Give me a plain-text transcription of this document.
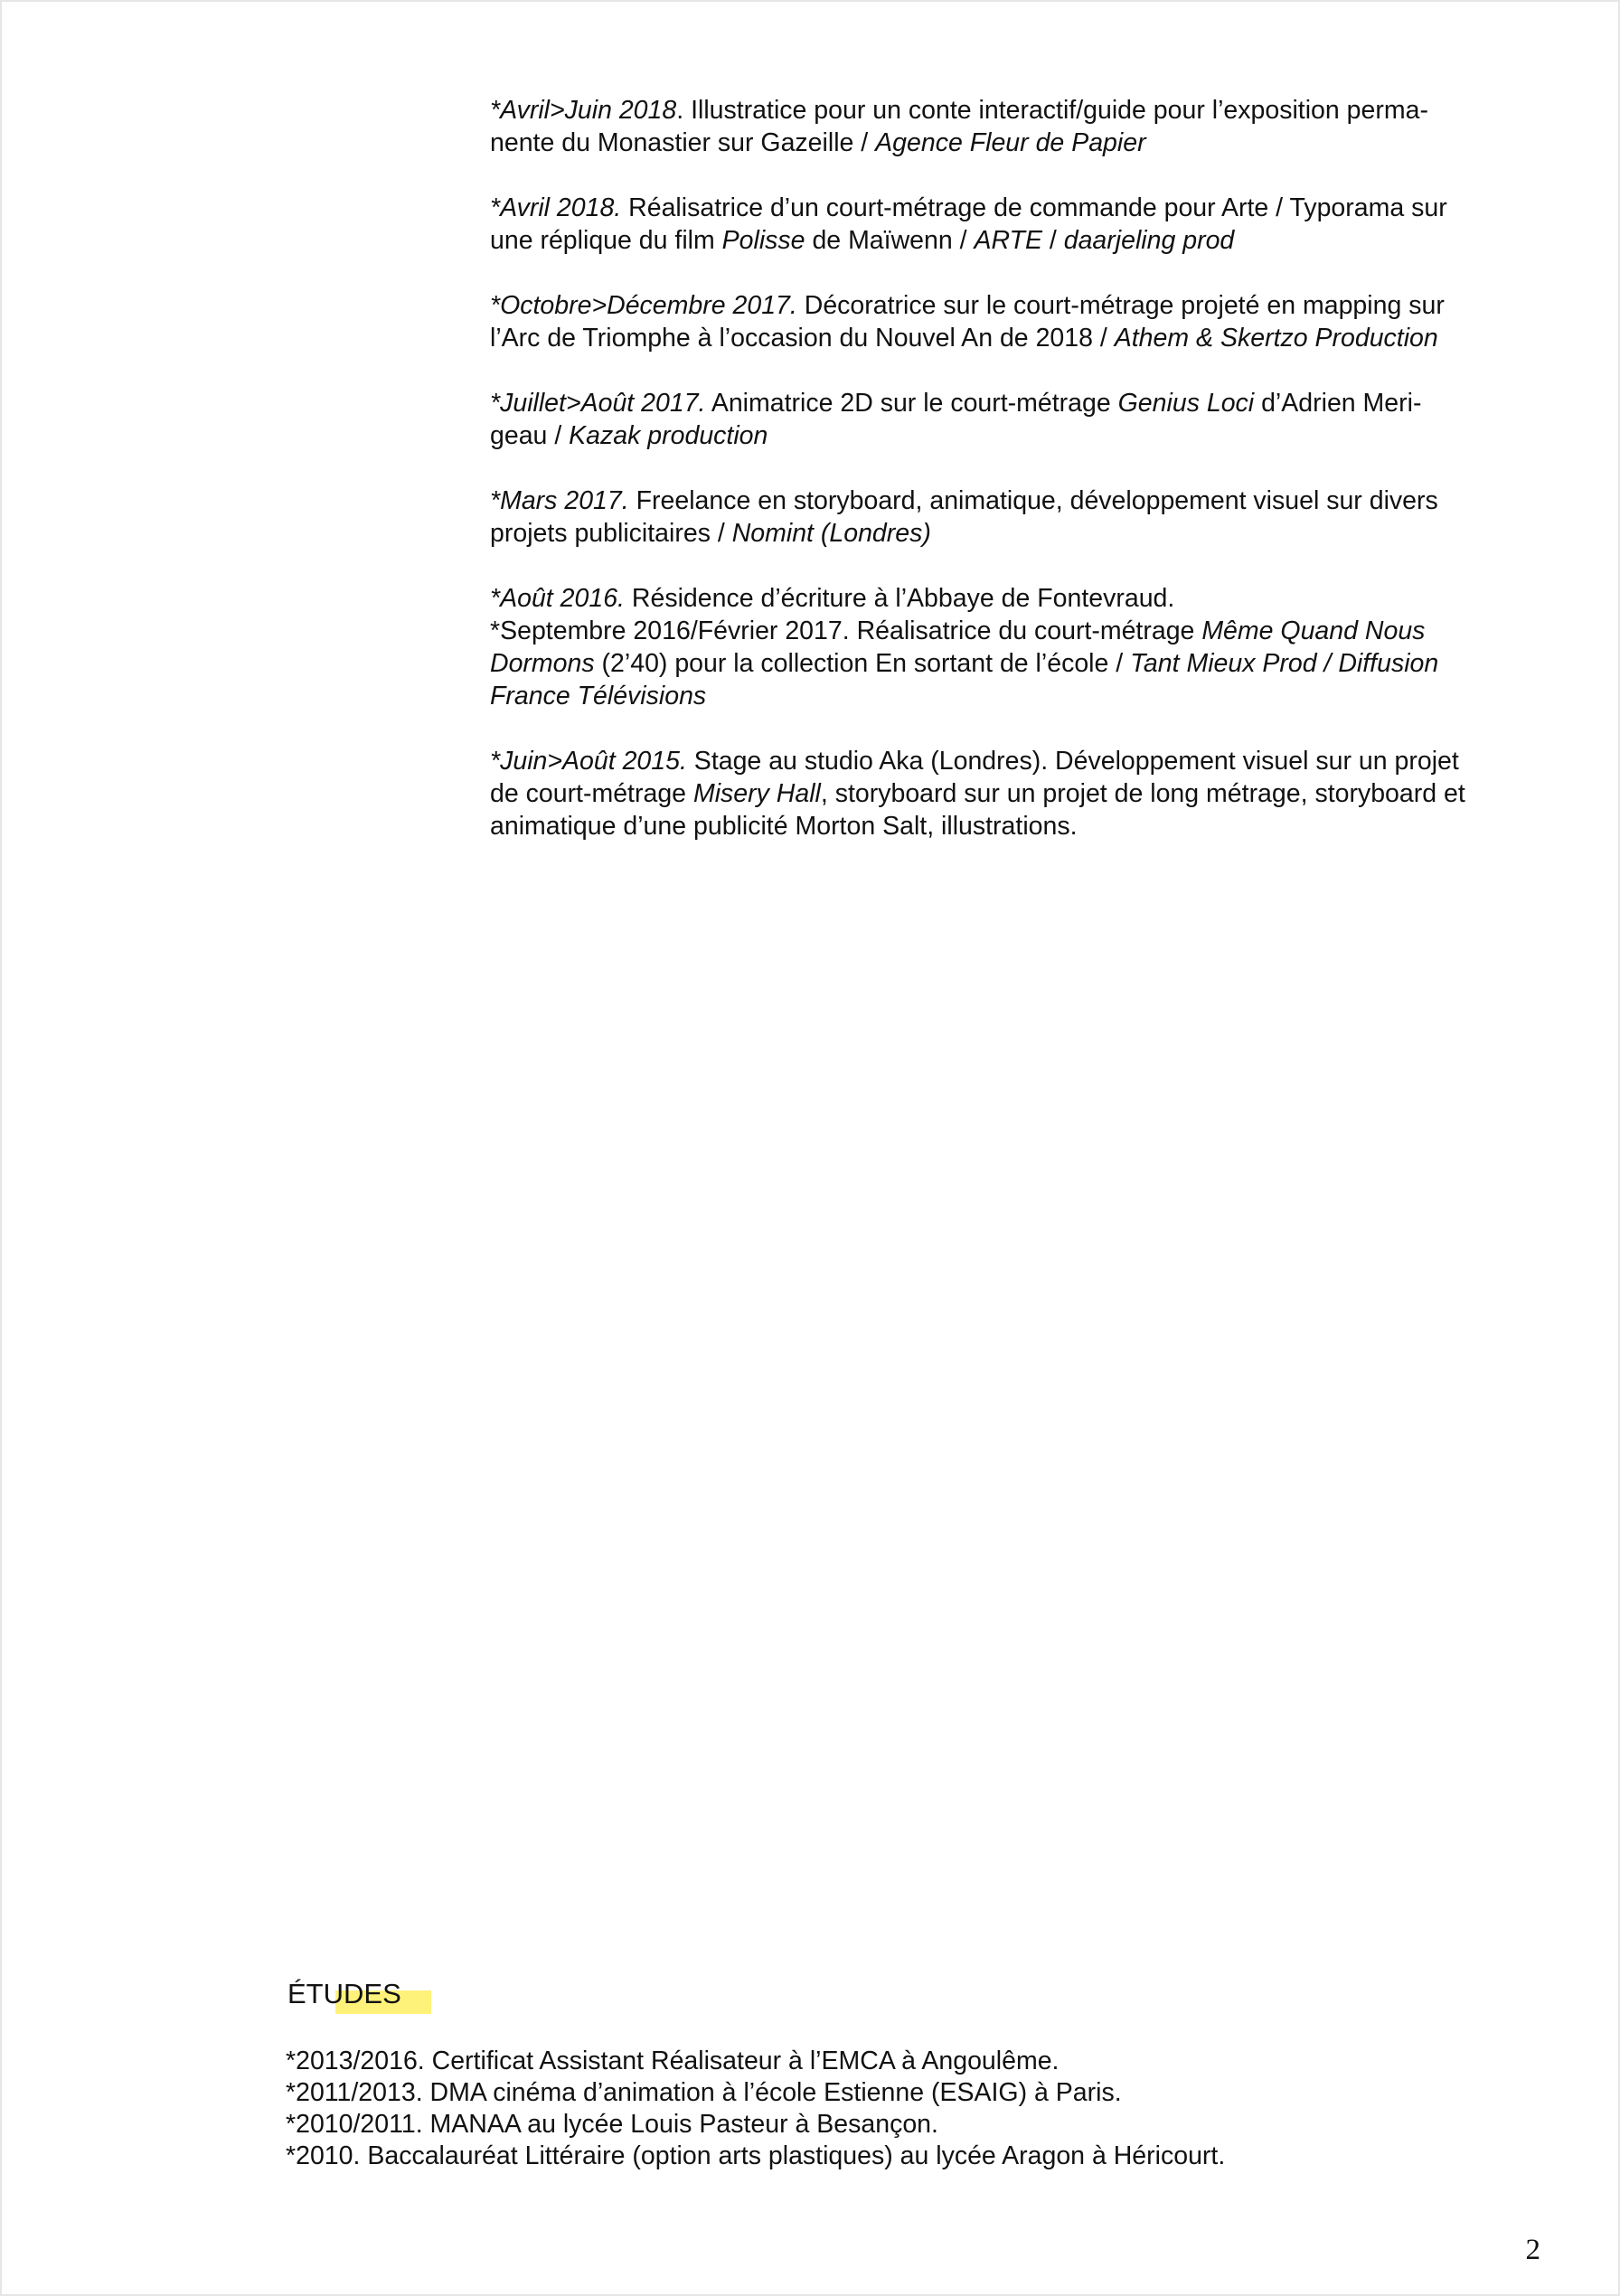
*Avril>Juin 2018. Illustratice pour un conte interactif/guide pour l’exposition perma-
nente du Monastier sur Gazeille / Agence Fleur de Papier
*Avril 2018. Réalisatrice d’un court-métrage de commande pour Arte / Typorama sur
une réplique du film Polisse de Maïwenn / ARTE / daarjeling prod
*Octobre>Décembre 2017. Décoratrice sur le court-métrage projeté en mapping sur
l’Arc de Triomphe à l’occasion du Nouvel An de 2018 / Athem & Skertzo Production
*Juillet>Août 2017. Animatrice 2D sur le court-métrage Genius Loci d’Adrien Meri-
geau / Kazak production
*Mars 2017. Freelance en storyboard, animatique, développement visuel sur divers
projets publicitaires / Nomint (Londres)
*Août 2016. Résidence d’écriture à l’Abbaye de Fontevraud.
*Septembre 2016/Février 2017. Réalisatrice du court-métrage Même Quand Nous
Dormons (2’40) pour la collection En sortant de l’école / Tant Mieux Prod / Diffusion
France Télévisions
*Juin>Août 2015. Stage au studio Aka (Londres). Développement visuel sur un projet
de court-métrage Misery Hall, storyboard sur un projet de long métrage, storyboard et
animatique d’une publicité Morton Salt, illustrations.
ÉTUDES
*2013/2016. Certificat Assistant Réalisateur à l’EMCA à Angoulême.
*2011/2013. DMA cinéma d’animation à l’école Estienne (ESAIG) à Paris.
*2010/2011. MANAA au lycée Louis Pasteur à Besançon.
*2010. Baccalauréat Littéraire (option arts plastiques) au lycée Aragon à Héricourt.
2
